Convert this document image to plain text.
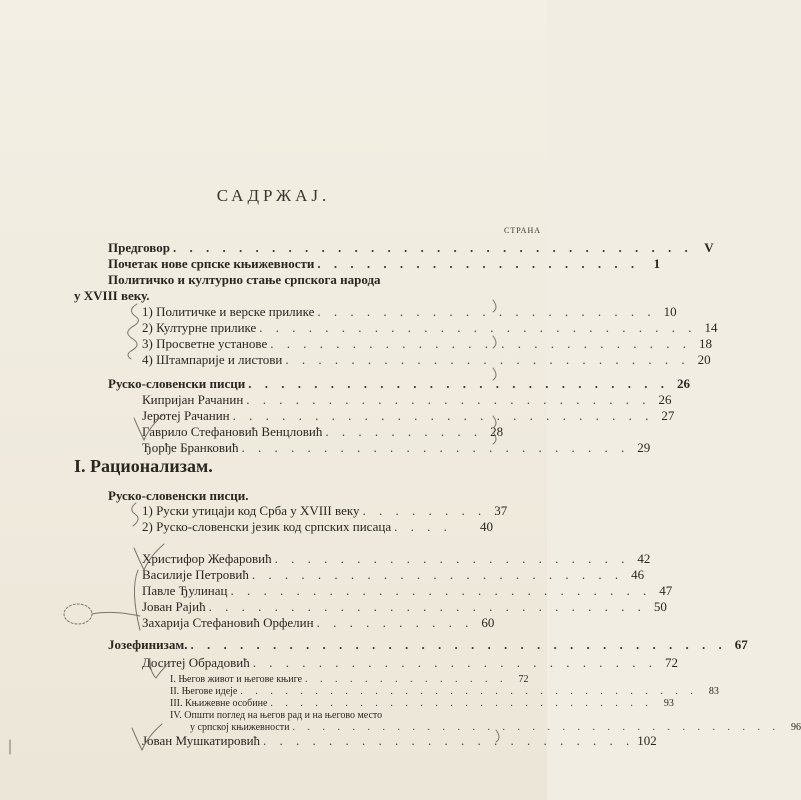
САДРЖАЈ.
СТРАНА
Предговор . . . . . . . . . . . . . . . . . . . . . . . . . . . . . . . . V
Почетак нове српске књижевности . . . . . . . . . . . . . . . . . . . .	1
Политичко и културно стање српскога народа
у XVIII веку.
1) Политичке и верске прилике . . . . . . . . . . . . . . . . . . . . . 10
2) Културне прилике . . . . . . . . . . . . . . . . . . . . . . . . . . . 14
3) Просветне установе . . . . . . . . . . . . . . . . . . . . . . . . . . 18
4) Штампарије и листови . . . . . . . . . . . . . . . . . . . . . . . . . 20
Руско-словенски писци . . . . . . . . . . . . . . . . . . . . . . . . . . 26
Кипријан Рачанин . . . . . . . . . . . . . . . . . . . . . . . . . 26
Јеротеј Рачанин . . . . . . . . . . . . . . . . . . . . . . . . . . 27
Гаврило Стефановић Венцловић . . . . . . . . . . 28
Ђорђе Бранковић . . . . . . . . . . . . . . . . . . . . . . . . 29
I. Рационализам.
Руско-словенски писци.
1) Руски утицаји код Срба у XVIII веку . . . . . . . . 37
2) Руско-словенски језик код српских писаца . . . .	40
Христифор Жефаровић . . . . . . . . . . . . . . . . . . . . . . 42
Василије Петровић . . . . . . . . . . . . . . . . . . . . . . . 46
Павле Ђулинац . . . . . . . . . . . . . . . . . . . . . . . . . . 47
Јован Рајић . . . . . . . . . . . . . . . . . . . . . . . . . . . 50
Захарија Стефановић Орфелин . . . . . . . . . . 60
Јозефинизам. . . . . . . . . . . . . . . . . . . . . . . . . . . . . . . . . . 67
Доситеј Обрадовић . . . . . . . . . . . . . . . . . . . . . . . . . 72
I. Његов живот и његове књиге . . . . . . . . . . . . . .	72
II. Његове идеје . . . . . . . . . . . . . . . . . . . . . . . . . . . . . . .	83
III. Књижевне особине . . . . . . . . . . . . . . . . . . . . . . . . . .	93
IV. Општи поглед на његов рад и на његово место
у српској књижевности . . . . . . . . . . . . . . . . . . . . . . . . . . . . . . . . .	96
Јован Мушкатировић . . . . . . . . . . . . . . . . . . . . . . . 102
